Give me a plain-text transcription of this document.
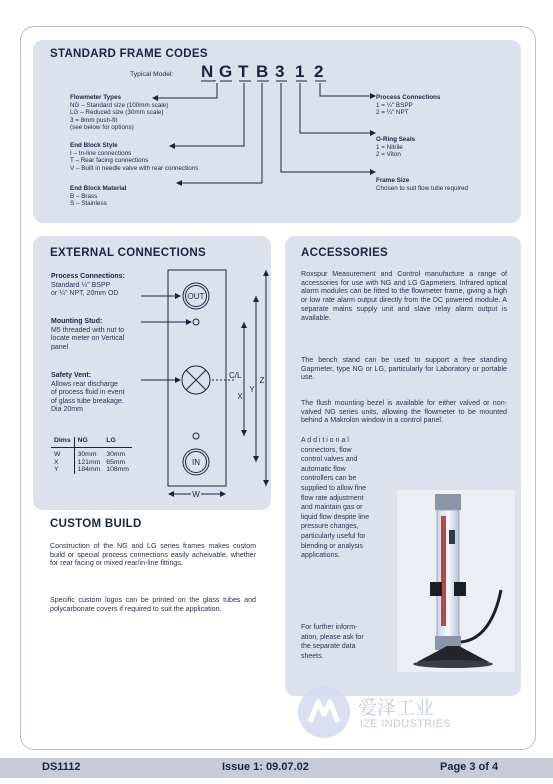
STANDARD FRAME CODES
Typical Model: N G T B 3 1 2
Flowmeter Types
NG – Standard size (100mm scale)
LG – Reduced size (30mm scale)
3 = 8mm push-fit
(see below for options)
End Block Style
I – In-line connections
T – Rear facing connections
V – Built in needle valve with rear connections
End Block Material
B – Brass
S – Stainless
Process Connections
1 = ¼" BSPP
2 = ¼" NPT
O-Ring Seals
1 = Nitrile
2 = Viton
Frame Size
Chosen to suit flow tube required
EXTERNAL CONNECTIONS
Process Connections:
Standard ¼" BSPP
or ¼" NPT, 20mm OD
Mounting Stud:
M5 threaded with nut to
locate meter on Vertical
panel
Safety Vent:
Allows rear discharge
of process fluid in event
of glass tube breakage.
Dia 20mm
OUT
IN
C/L
X
Y
Z
W
Dims	NG	LG
W	30mm	30mm
X	121mm	65mm
Y	184mm	108mm
CUSTOM BUILD
Construction of the NG and LG series frames makes custom build or special process connections easily acheivable, whether for rear facing or mixed rear/in-line fittings.
Specific custom logos can be printed on the glass tubes and polycarbonate covers if required to suit the application.
ACCESSORIES
Roxspur Measurement and Control manufacture a range of accessories for use with NG and LG Gapmeters. Infrared optical alarm modules can be fitted to the flowmeter frame, giving a high or low rate alarm output directly from the DC powered module. A separate mains supply unit and slave relay alarm output is available.
The bench stand can be used to support a free standing Gapmeter, type NG or LG, particularly for Laboratory or portable use.
The flush mounting bezel is available for either valved or non-valved NG series units, allowing the flowmeter to be mounted behind a Makrolon window in a control panel.
A d d i t i o n a l
connectors, flow
control valves and
automatic flow
controllers can be
supplied to allow fine
flow rate adjustment
and maintain gas or
liquid flow despite line
pressure changes,
particularly useful for
blending or analysis
applications.
For further inform-
ation, please ask for
the separate data
sheets.
爱泽工业
IZE INDUSTRIES
DS1112	Issue 1: 09.07.02	Page 3 of 4
